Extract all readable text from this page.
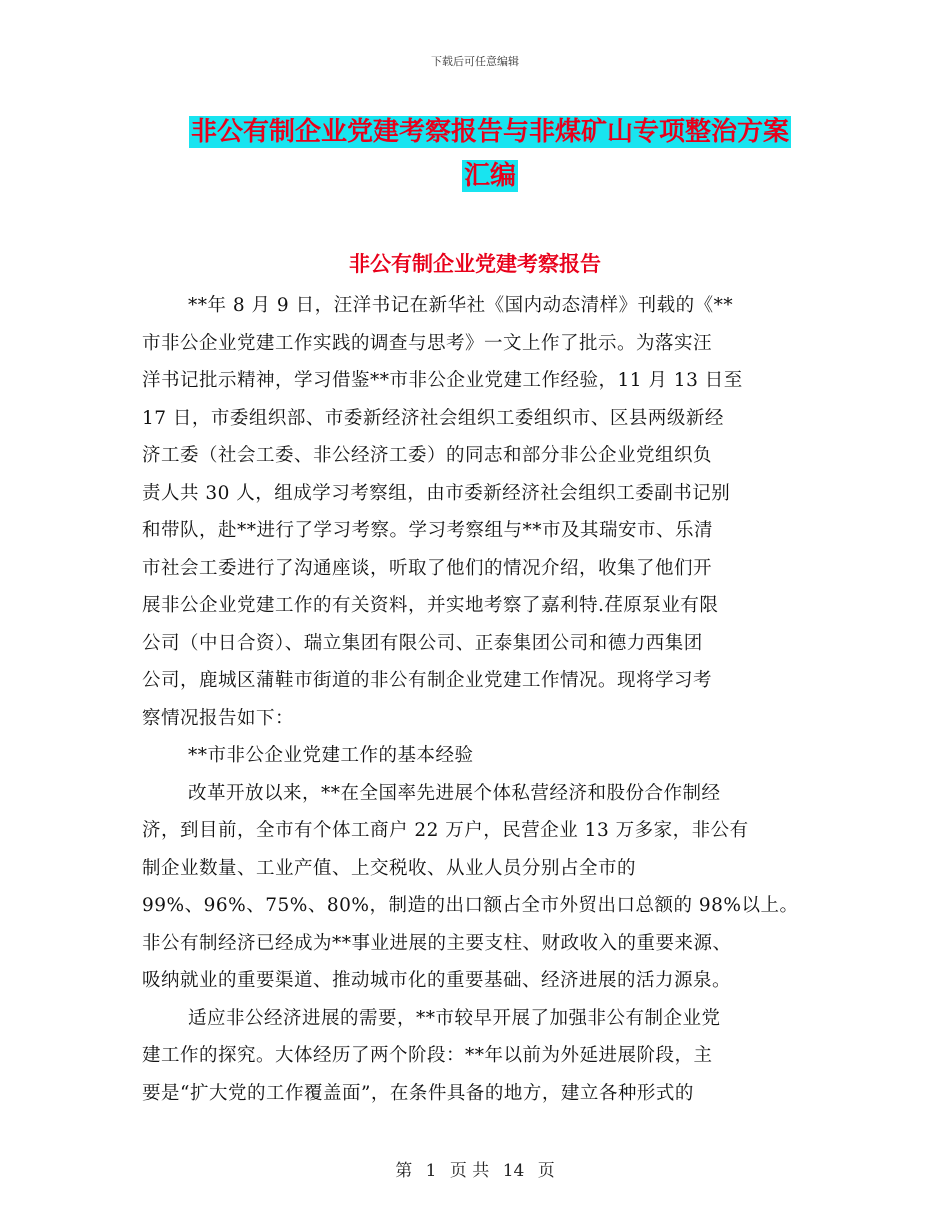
下载后可任意编辑
非公有制企业党建考察报告与非煤矿山专项整治方案
汇编
非公有制企业党建考察报告
**年 8 月 9 日，汪洋书记在新华社《国内动态清样》刊载的《**
市非公企业党建工作实践的调查与思考》一文上作了批示。为落实汪
洋书记批示精神，学习借鉴**市非公企业党建工作经验，11 月 13 日至
17 日，市委组织部、市委新经济社会组织工委组织市、区县两级新经
济工委（社会工委、非公经济工委）的同志和部分非公企业党组织负
责人共 30 人，组成学习考察组，由市委新经济社会组织工委副书记别
和带队，赴**进行了学习考察。学习考察组与**市及其瑞安市、乐清
市社会工委进行了沟通座谈，听取了他们的情况介绍，收集了他们开
展非公企业党建工作的有关资料，并实地考察了嘉利特.荏原泵业有限
公司（中日合资）、瑞立集团有限公司、正泰集团公司和德力西集团
公司，鹿城区蒲鞋市街道的非公有制企业党建工作情况。现将学习考
察情况报告如下：
**市非公企业党建工作的基本经验
改革开放以来，**在全国率先进展个体私营经济和股份合作制经
济，到目前，全市有个体工商户 22 万户，民营企业 13 万多家，非公有
制企业数量、工业产值、上交税收、从业人员分别占全市的
99%、96%、75%、80%，制造的出口额占全市外贸出口总额的 98%以上。
非公有制经济已经成为**事业进展的主要支柱、财政收入的重要来源、
吸纳就业的重要渠道、推动城市化的重要基础、经济进展的活力源泉。
适应非公经济进展的需要，**市较早开展了加强非公有制企业党
建工作的探究。大体经历了两个阶段：**年以前为外延进展阶段，主
要是“扩大党的工作覆盖面”，在条件具备的地方，建立各种形式的
第 1 页 共 14 页
